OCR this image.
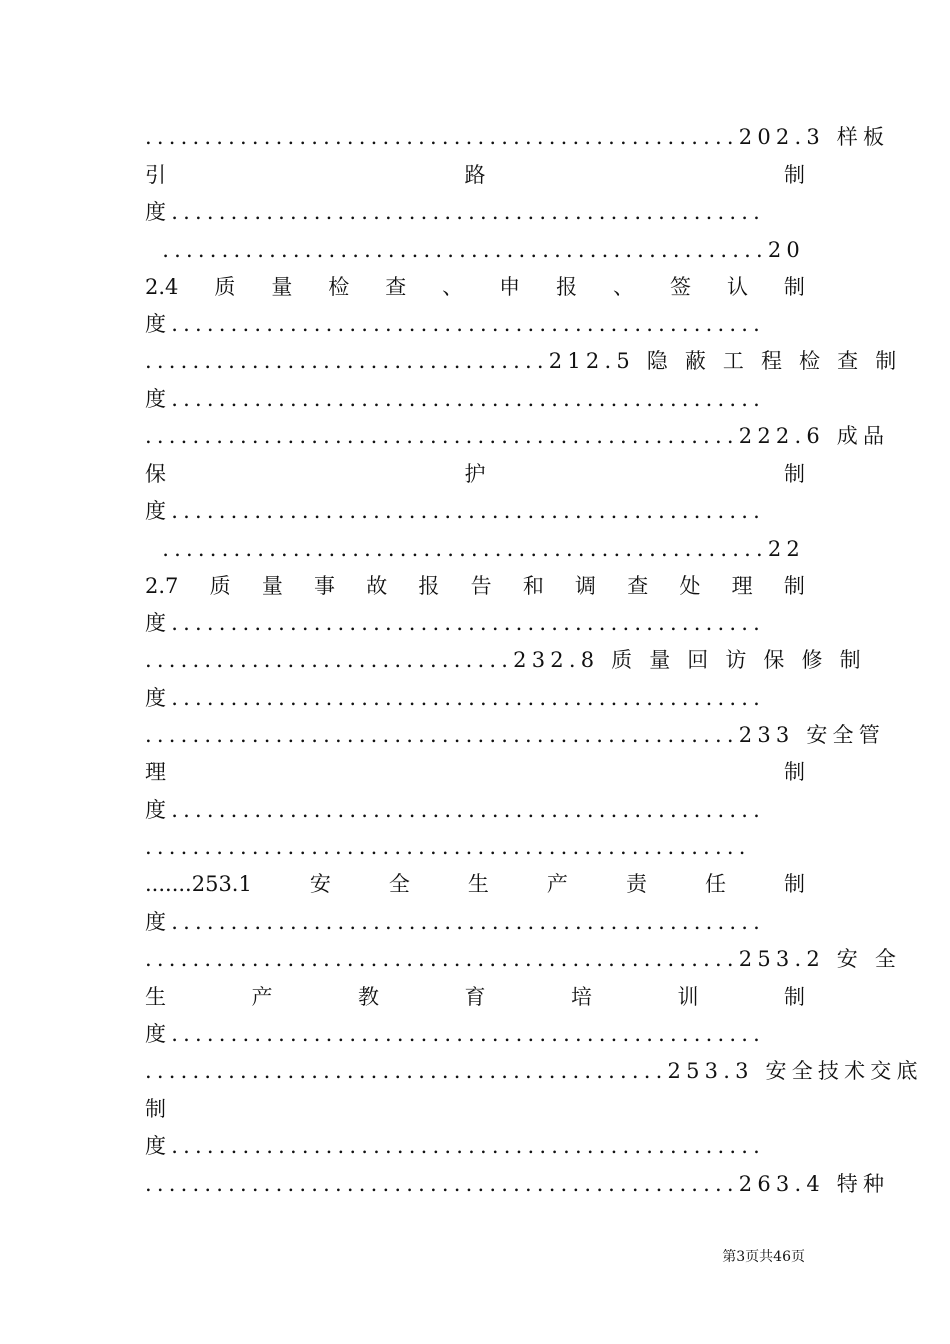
..................................................202.3 样板
引	路	制
度..................................................
...................................................20
2.4 质 量 检 查 、 申 报 、 签 认 制
度..................................................
..................................212.5 隐 蔽 工 程 检 查 制
度..................................................
..................................................222.6 成品
保	护	制
度..................................................
...................................................22
2.7 质 量 事 故 报 告 和 调 查 处 理 制
度..................................................
...............................232.8 质 量 回 访 保 修 制
度..................................................
..................................................233 安全管
理	制
度..................................................
...................................................
.......253.1	安	全	生	产	责	任	制
度..................................................
..................................................253.2 安 全
生	产	教	育	培	训	制
度..................................................
............................................253.3 安全技术交底
制
度..................................................
..................................................263.4 特种
第3页共46页
